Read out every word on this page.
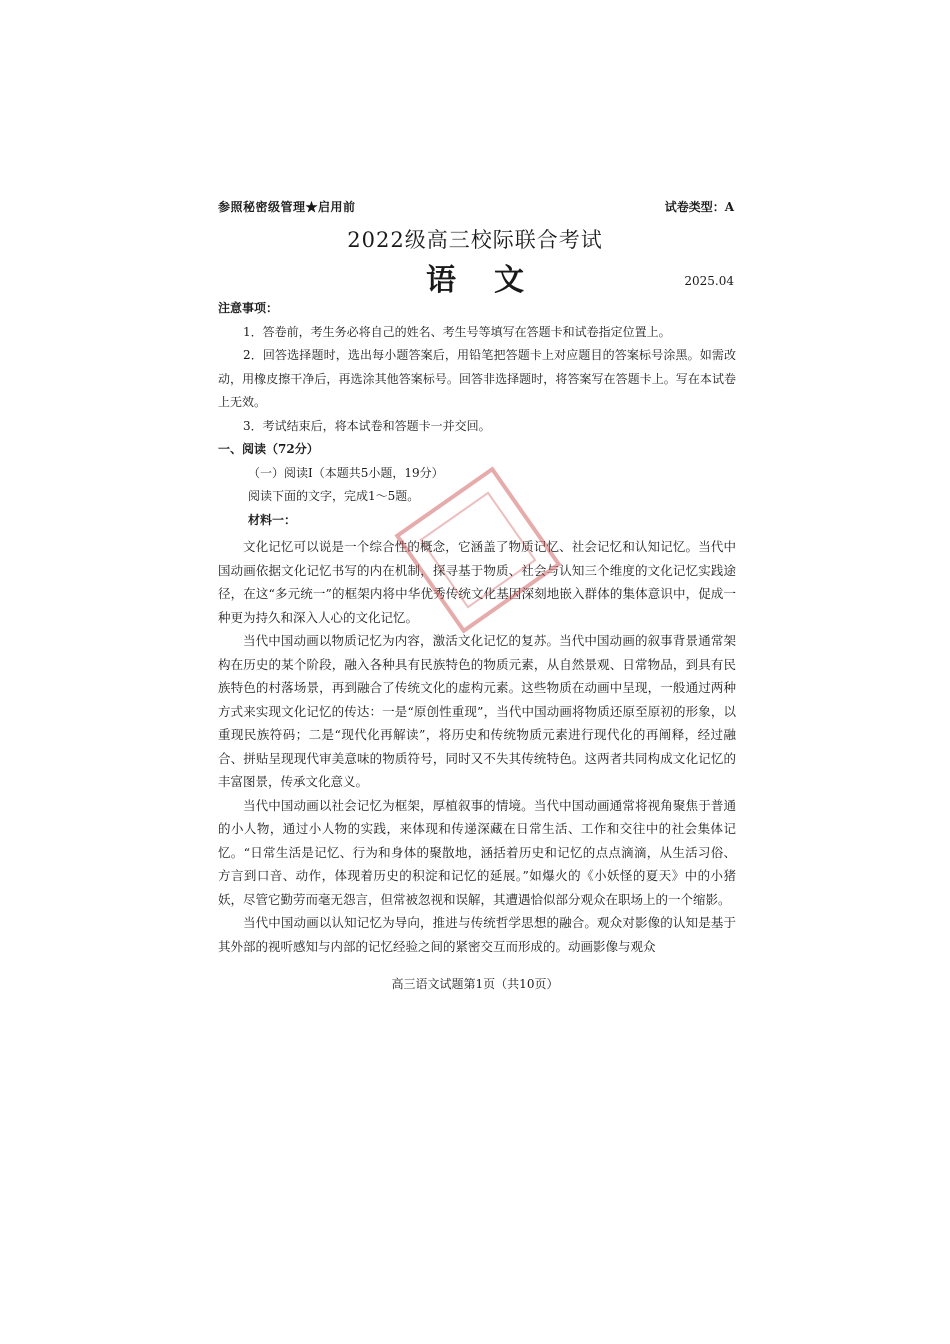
参照秘密级管理★启用前	试卷类型：A
2022级高三校际联合考试
语文	2025.04

注意事项：

1．答卷前，考生务必将自己的姓名、考生号等填写在答题卡和试卷指定位置上。

2．回答选择题时，选出每小题答案后，用铅笔把答题卡上对应题目的答案标号涂黑。如需改动，用橡皮擦干净后，再选涂其他答案标号。回答非选择题时，将答案写在答题卡上。写在本试卷上无效。

3．考试结束后，将本试卷和答题卡一并交回。

一、阅读（72分）

（一）阅读Ⅰ（本题共5小题，19分）

阅读下面的文字，完成1～5题。

材料一：

文化记忆可以说是一个综合性的概念，它涵盖了物质记忆、社会记忆和认知记忆。当代中国动画依据文化记忆书写的内在机制，探寻基于物质、社会与认知三个维度的文化记忆实践途径，在这“多元统一”的框架内将中华优秀传统文化基因深刻地嵌入群体的集体意识中，促成一种更为持久和深入人心的文化记忆。

当代中国动画以物质记忆为内容，激活文化记忆的复苏。当代中国动画的叙事背景通常架构在历史的某个阶段，融入各种具有民族特色的物质元素，从自然景观、日常物品，到具有民族特色的村落场景，再到融合了传统文化的虚构元素。这些物质在动画中呈现，一般通过两种方式来实现文化记忆的传达：一是“原创性重现”，当代中国动画将物质还原至原初的形象，以重现民族符码；二是“现代化再解读”，将历史和传统物质元素进行现代化的再阐释，经过融合、拼贴呈现现代审美意味的物质符号，同时又不失其传统特色。这两者共同构成文化记忆的丰富图景，传承文化意义。

当代中国动画以社会记忆为框架，厚植叙事的情境。当代中国动画通常将视角聚焦于普通的小人物，通过小人物的实践，来体现和传递深藏在日常生活、工作和交往中的社会集体记忆。“日常生活是记忆、行为和身体的聚散地，涵括着历史和记忆的点点滴滴，从生活习俗、方言到口音、动作，体现着历史的积淀和记忆的延展。”如爆火的《小妖怪的夏天》中的小猪妖，尽管它勤劳而毫无怨言，但常被忽视和误解，其遭遇恰似部分观众在职场上的一个缩影。

当代中国动画以认知记忆为导向，推进与传统哲学思想的融合。观众对影像的认知是基于其外部的视听感知与内部的记忆经验之间的紧密交互而形成的。动画影像与观众

高三语文试题第1页（共10页）
